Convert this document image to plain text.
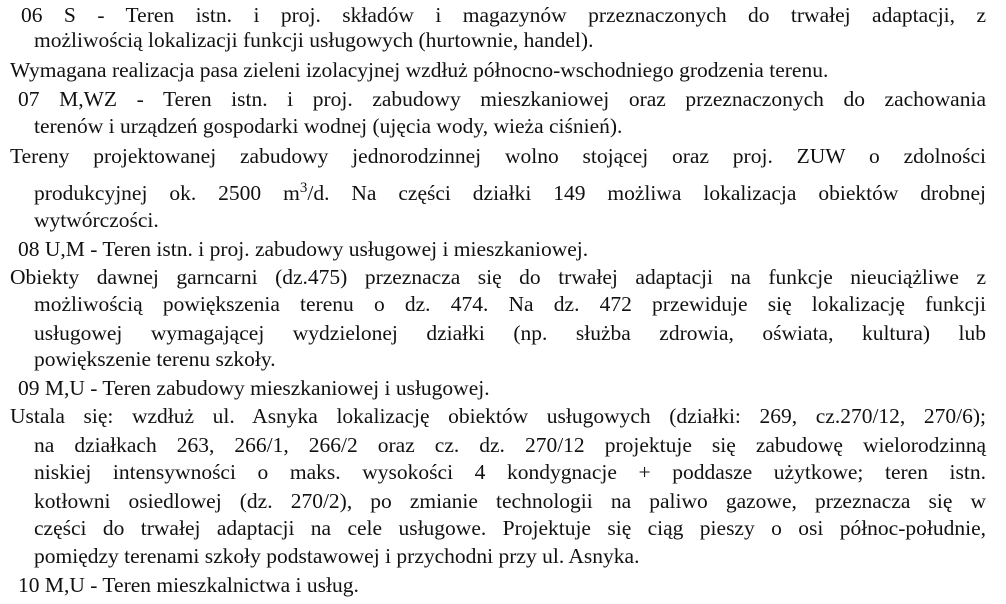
06 S - Teren istn. i proj. składów i magazynów przeznaczonych do trwałej adaptacji, z
możliwością lokalizacji funkcji usługowych (hurtownie, handel).
Wymagana realizacja pasa zieleni izolacyjnej wzdłuż północno-wschodniego grodzenia terenu.
07 M,WZ - Teren istn. i proj. zabudowy mieszkaniowej oraz przeznaczonych do zachowania
terenów i urządzeń gospodarki wodnej (ujęcia wody, wieża ciśnień).
Tereny projektowanej zabudowy jednorodzinnej wolno stojącej oraz proj. ZUW o zdolności
produkcyjnej ok. 2500 $m^3/d$. Na części działki 149 możliwa lokalizacja obiektów drobnej
wytwórczości.
08 U,M - Teren istn. i proj. zabudowy usługowej i mieszkaniowej.
Obiekty dawnej garncarni (dz.475) przeznacza się do trwałej adaptacji na funkcje nieuciążliwe z
możliwością powiększenia terenu o dz. 474. Na dz. 472 przewiduje się lokalizację funkcji
usługowej wymagającej wydzielonej działki (np. służba zdrowia, oświata, kultura) lub
powiększenie terenu szkoły.
09 M,U - Teren zabudowy mieszkaniowej i usługowej.
Ustala się: wzdłuż ul. Asnyka lokalizację obiektów usługowych (działki: 269, cz.270/12, 270/6);
na działkach 263, 266/1, 266/2 oraz cz. dz. 270/12 projektuje się zabudowę wielorodzinną
niskiej intensywności o maks. wysokości 4 kondygnacje + poddasze użytkowe; teren istn.
kotłowni osiedlowej (dz. 270/2), po zmianie technologii na paliwo gazowe, przeznacza się w
części do trwałej adaptacji na cele usługowe. Projektuje się ciąg pieszy o osi północ-południe,
pomiędzy terenami szkoły podstawowej i przychodni przy ul. Asnyka.
10 M,U - Teren mieszkalnictwa i usług.
